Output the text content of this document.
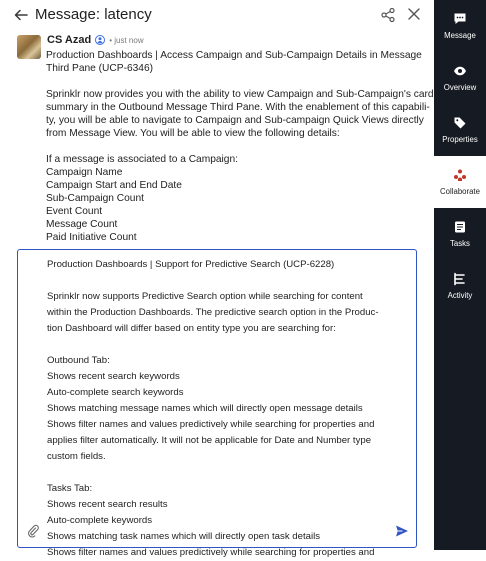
Message: latency
CS Azad • just now

Production Dashboards | Access Campaign and Sub-Campaign Details in Message
Third Pane (UCP-6346)

Sprinklr now provides you with the ability to view Campaign and Sub-Campaign's card
summary in the Outbound Message Third Pane. With the enablement of this capabili-
ty, you will be able to navigate to Campaign and Sub-campaign Quick Views directly
from Message View. You will be able to view the following details:

If a message is associated to a Campaign:
Campaign Name
Campaign Start and End Date
Sub-Campaign Count
Event Count
Message Count
Paid Initiative Count

Production Dashboards | Support for Predictive Search (UCP-6228)
Sprinklr now supports Predictive Search option while searching for content
within the Production Dashboards. The predictive search option in the Produc-
tion Dashboard will differ based on entity type you are searching for:
Outbound Tab:
Shows recent search keywords
Auto-complete search keywords
Shows matching message names which will directly open message details
Shows filter names and values predictively while searching for properties and
applies filter automatically. It will not be applicable for Date and Number type
custom fields.
Tasks Tab:
Shows recent search results
Auto-complete keywords
Shows matching task names which will directly open task details
Shows filter names and values predictively while searching for properties and
Message
Overview
Properties
Collaborate
Tasks
Activity
